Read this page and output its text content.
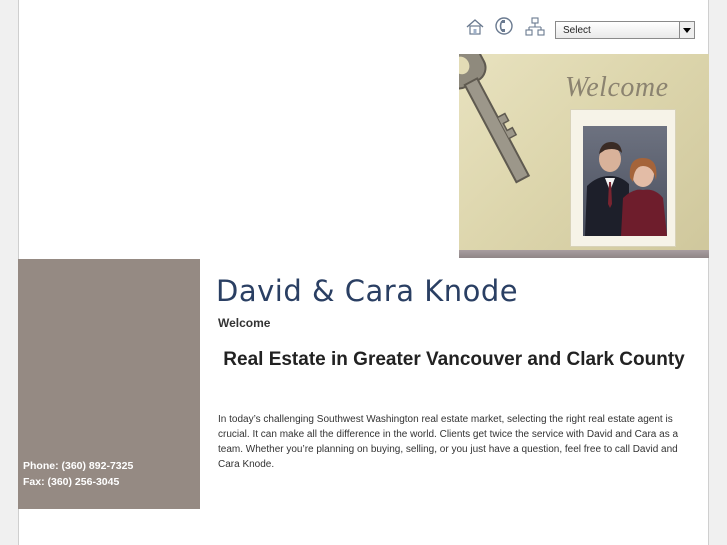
Select
Welcome
Phone: (360) 892-7325
Fax: (360) 256-3045
David & Cara Knode
Welcome
Real Estate in Greater Vancouver and Clark County
In today’s challenging Southwest Washington real estate market, selecting the right real estate agent is crucial. It can make all the difference in the world. Clients get twice the service with David and Cara as a team. Whether you’re planning on buying, selling, or you just have a question, feel free to call David and Cara Knode.
